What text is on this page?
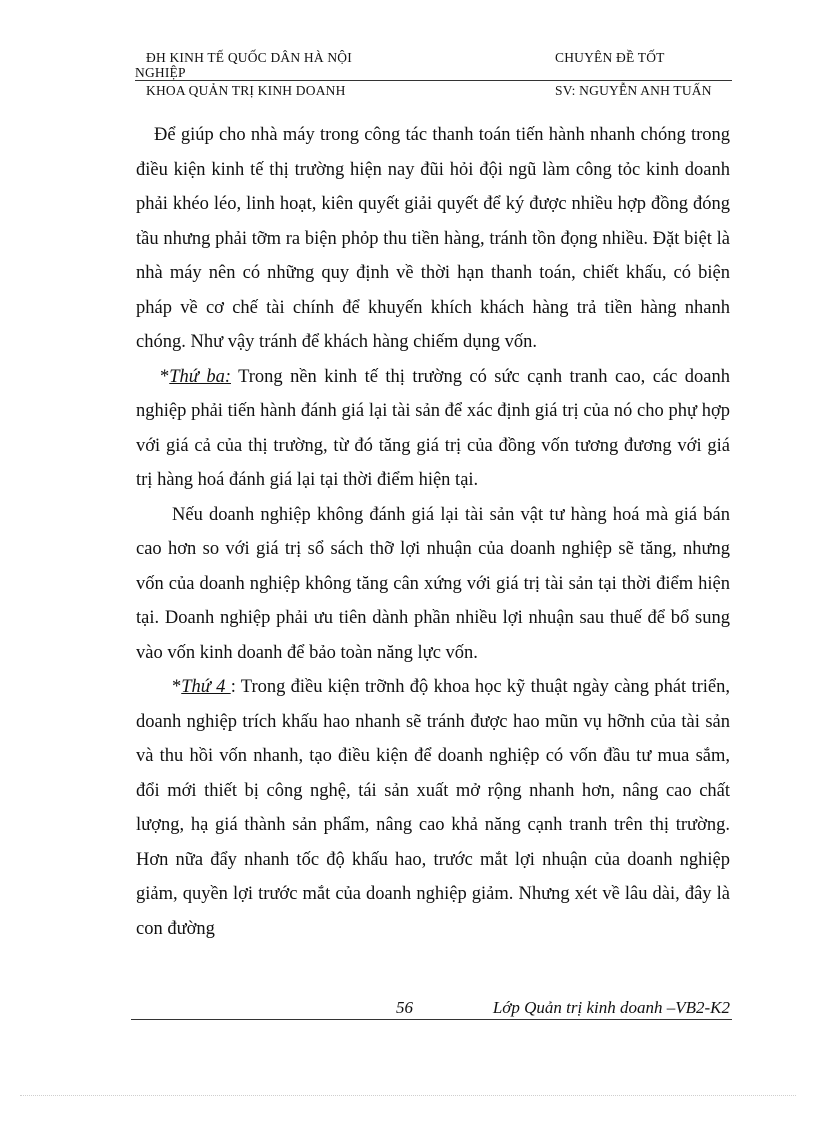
ĐH KINH TẾ QUỐC DÂN HÀ NỘI	CHUYÊN ĐỀ TỐT
NGHIỆP
KHOA QUẢN TRỊ KINH DOANH	SV: NGUYỄN ANH TUẤN

Để giúp cho nhà máy trong công tác thanh toán tiến hành nhanh chóng trong điều kiện kinh tế thị trường hiện nay đũi hỏi đội ngũ làm công tỏc kinh doanh phải khéo léo, linh hoạt, kiên quyết giải quyết để ký được nhiều hợp đồng đóng tầu nhưng phải tỡm ra biện phỏp thu tiền hàng, tránh tồn đọng nhiều. Đặt biệt là nhà máy nên có những quy định về thời hạn thanh toán, chiết khấu, có biện pháp về cơ chế tài chính để khuyến khích khách hàng trả tiền hàng nhanh chóng. Như vậy tránh để khách hàng chiếm dụng vốn.

*Thứ ba: Trong nền kinh tế thị trường có sức cạnh tranh cao, các doanh nghiệp phải tiến hành đánh giá lại tài sản để xác định giá trị của nó cho phự hợp với giá cả của thị trường, từ đó tăng giá trị của đồng vốn tương đương với giá trị hàng hoá đánh giá lại tại thời điểm hiện tại.

Nếu doanh nghiệp không đánh giá lại tài sản vật tư hàng hoá mà giá bán cao hơn so với giá trị sổ sách thỡ lợi nhuận của doanh nghiệp sẽ tăng, nhưng vốn của doanh nghiệp không tăng cân xứng với giá trị tài sản tại thời điểm hiện tại. Doanh nghiệp phải ưu tiên dành phần nhiều lợi nhuận sau thuế để bổ sung vào vốn kinh doanh để bảo toàn năng lực vốn.

*Thứ 4 : Trong điều kiện trỡnh độ khoa học kỹ thuật ngày càng phát triển, doanh nghiệp trích khấu hao nhanh sẽ tránh được hao mũn vụ hỡnh của tài sản và thu hồi vốn nhanh, tạo điều kiện để doanh nghiệp có vốn đầu tư mua sắm, đổi mới thiết bị công nghệ, tái sản xuất mở rộng nhanh hơn, nâng cao chất lượng, hạ giá thành sản phẩm, nâng cao khả năng cạnh tranh trên thị trường. Hơn nữa đẩy nhanh tốc độ khấu hao, trước mắt lợi nhuận của doanh nghiệp giảm, quyền lợi trước mắt của doanh nghiệp giảm. Nhưng xét về lâu dài, đây là con đường

56	Lớp Quản trị kinh doanh –VB2-K2
